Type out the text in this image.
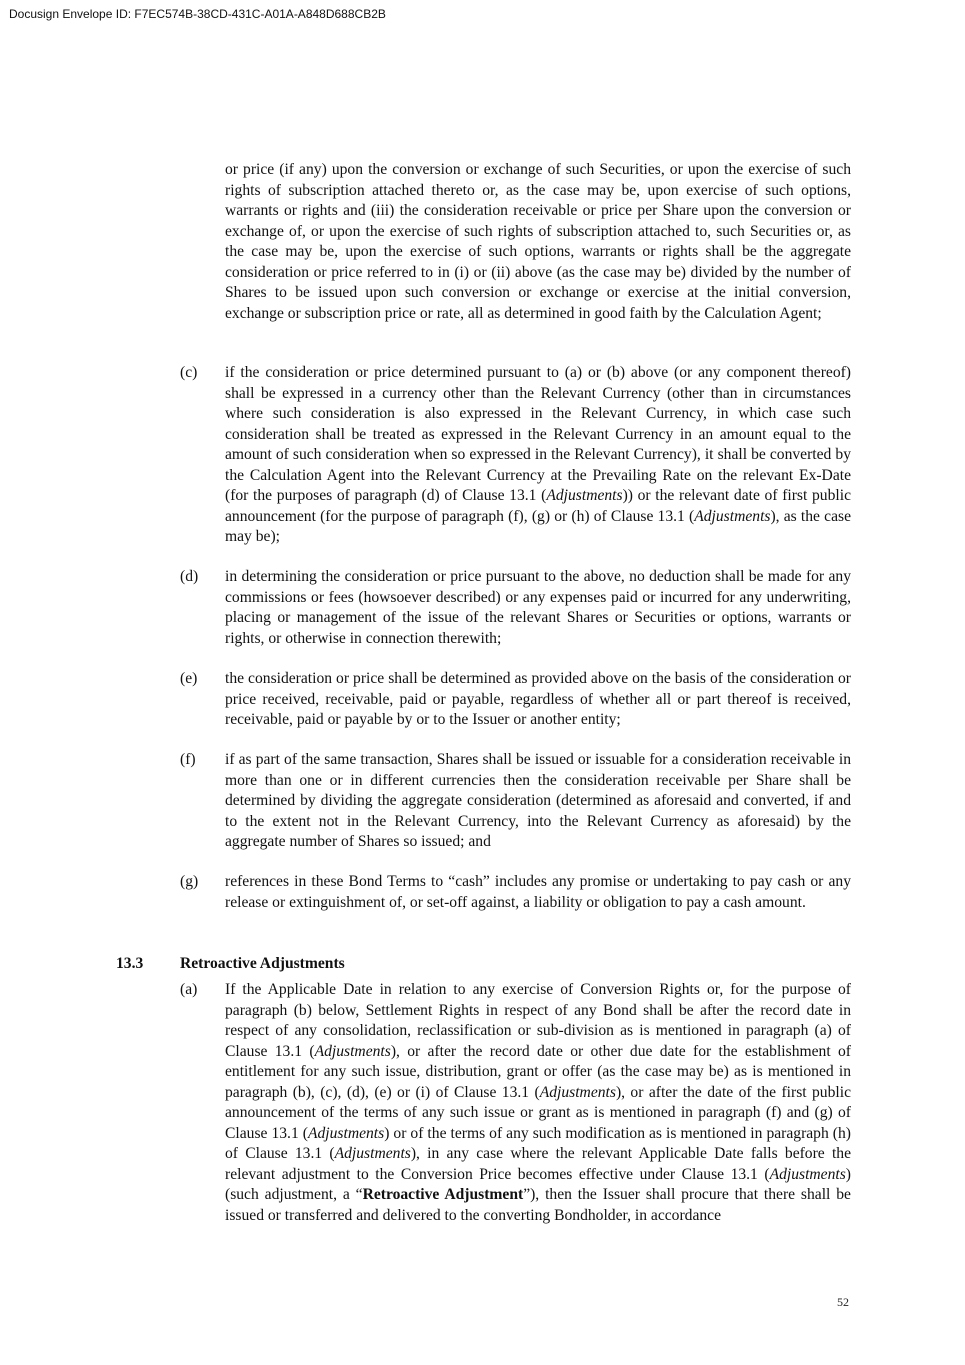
Docusign Envelope ID: F7EC574B-38CD-431C-A01A-A848D688CB2B
or price (if any) upon the conversion or exchange of such Securities, or upon the exercise of such rights of subscription attached thereto or, as the case may be, upon exercise of such options, warrants or rights and (iii) the consideration receivable or price per Share upon the conversion or exchange of, or upon the exercise of such rights of subscription attached to, such Securities or, as the case may be, upon the exercise of such options, warrants or rights shall be the aggregate consideration or price referred to in (i) or (ii) above (as the case may be) divided by the number of Shares to be issued upon such conversion or exchange or exercise at the initial conversion, exchange or subscription price or rate, all as determined in good faith by the Calculation Agent;
(c) if the consideration or price determined pursuant to (a) or (b) above (or any component thereof) shall be expressed in a currency other than the Relevant Currency (other than in circumstances where such consideration is also expressed in the Relevant Currency, in which case such consideration shall be treated as expressed in the Relevant Currency in an amount equal to the amount of such consideration when so expressed in the Relevant Currency), it shall be converted by the Calculation Agent into the Relevant Currency at the Prevailing Rate on the relevant Ex-Date (for the purposes of paragraph (d) of Clause 13.1 (Adjustments)) or the relevant date of first public announcement (for the purpose of paragraph (f), (g) or (h) of Clause 13.1 (Adjustments), as the case may be);
(d) in determining the consideration or price pursuant to the above, no deduction shall be made for any commissions or fees (howsoever described) or any expenses paid or incurred for any underwriting, placing or management of the issue of the relevant Shares or Securities or options, warrants or rights, or otherwise in connection therewith;
(e) the consideration or price shall be determined as provided above on the basis of the consideration or price received, receivable, paid or payable, regardless of whether all or part thereof is received, receivable, paid or payable by or to the Issuer or another entity;
(f) if as part of the same transaction, Shares shall be issued or issuable for a consideration receivable in more than one or in different currencies then the consideration receivable per Share shall be determined by dividing the aggregate consideration (determined as aforesaid and converted, if and to the extent not in the Relevant Currency, into the Relevant Currency as aforesaid) by the aggregate number of Shares so issued; and
(g) references in these Bond Terms to “cash” includes any promise or undertaking to pay cash or any release or extinguishment of, or set-off against, a liability or obligation to pay a cash amount.
13.3 Retroactive Adjustments
(a) If the Applicable Date in relation to any exercise of Conversion Rights or, for the purpose of paragraph (b) below, Settlement Rights in respect of any Bond shall be after the record date in respect of any consolidation, reclassification or sub-division as is mentioned in paragraph (a) of Clause 13.1 (Adjustments), or after the record date or other due date for the establishment of entitlement for any such issue, distribution, grant or offer (as the case may be) as is mentioned in paragraph (b), (c), (d), (e) or (i) of Clause 13.1 (Adjustments), or after the date of the first public announcement of the terms of any such issue or grant as is mentioned in paragraph (f) and (g) of Clause 13.1 (Adjustments) or of the terms of any such modification as is mentioned in paragraph (h) of Clause 13.1 (Adjustments), in any case where the relevant Applicable Date falls before the relevant adjustment to the Conversion Price becomes effective under Clause 13.1 (Adjustments) (such adjustment, a “Retroactive Adjustment”), then the Issuer shall procure that there shall be issued or transferred and delivered to the converting Bondholder, in accordance
52
